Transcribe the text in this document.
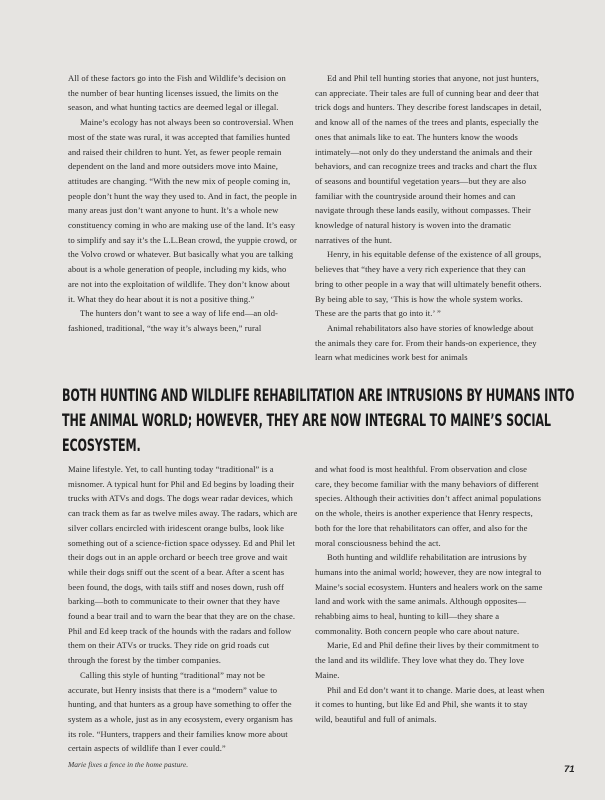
All of these factors go into the Fish and Wildlife’s decision on the number of bear hunting licenses issued, the limits on the season, and what hunting tactics are deemed legal or illegal.

Maine’s ecology has not always been so controversial. When most of the state was rural, it was accepted that families hunted and raised their children to hunt. Yet, as fewer people remain dependent on the land and more outsiders move into Maine, attitudes are changing. “With the new mix of people coming in, people don’t hunt the way they used to. And in fact, the people in many areas just don’t want anyone to hunt. It’s a whole new constituency coming in who are making use of the land. It’s easy to simplify and say it’s the L.L.Bean crowd, the yuppie crowd, or the Volvo crowd or whatever. But basically what you are talking about is a whole generation of people, including my kids, who are not into the exploitation of wildlife. They don’t know about it. What they do hear about it is not a positive thing.”

The hunters don’t want to see a way of life end—an old-fashioned, traditional, “the way it’s always been,” rural

Ed and Phil tell hunting stories that anyone, not just hunters, can appreciate. Their tales are full of cunning bear and deer that trick dogs and hunters. They describe forest landscapes in detail, and know all of the names of the trees and plants, especially the ones that animals like to eat. The hunters know the woods intimately—not only do they understand the animals and their behaviors, and can recognize trees and tracks and chart the flux of seasons and bountiful vegetation years—but they are also familiar with the countryside around their homes and can navigate through these lands easily, without compasses. Their knowledge of natural history is woven into the dramatic narratives of the hunt.

Henry, in his equitable defense of the existence of all groups, believes that “they have a very rich experience that they can bring to other people in a way that will ultimately benefit others. By being able to say, ‘This is how the whole system works. These are the parts that go into it.’ ”

Animal rehabilitators also have stories of knowledge about the animals they care for. From their hands-on experience, they learn what medicines work best for animals

BOTH HUNTING AND WILDLIFE REHABILITATION ARE INTRUSIONS BY HUMANS INTO THE ANIMAL WORLD; HOWEVER, THEY ARE NOW INTEGRAL TO MAINE’S SOCIAL ECOSYSTEM.

Maine lifestyle. Yet, to call hunting today “traditional” is a misnomer. A typical hunt for Phil and Ed begins by loading their trucks with ATVs and dogs. The dogs wear radar devices, which can track them as far as twelve miles away. The radars, which are silver collars encircled with iridescent orange bulbs, look like something out of a science-fiction space odyssey. Ed and Phil let their dogs out in an apple orchard or beech tree grove and wait while their dogs sniff out the scent of a bear. After a scent has been found, the dogs, with tails stiff and noses down, rush off barking—both to communicate to their owner that they have found a bear trail and to warn the bear that they are on the chase. Phil and Ed keep track of the hounds with the radars and follow them on their ATVs or trucks. They ride on grid roads cut through the forest by the timber companies.

Calling this style of hunting “traditional” may not be accurate, but Henry insists that there is a “modern” value to hunting, and that hunters as a group have something to offer the system as a whole, just as in any ecosystem, every organism has its role. “Hunters, trappers and their families know more about certain aspects of wildlife than I ever could.”

and what food is most healthful. From observation and close care, they become familiar with the many behaviors of different species. Although their activities don’t affect animal populations on the whole, theirs is another experience that Henry respects, both for the lore that rehabilitators can offer, and also for the moral consciousness behind the act.

Both hunting and wildlife rehabilitation are intrusions by humans into the animal world; however, they are now integral to Maine’s social ecosystem. Hunters and healers work on the same land and work with the same animals. Although opposites—rehabbing aims to heal, hunting to kill—they share a commonality. Both concern people who care about nature.

Marie, Ed and Phil define their lives by their commitment to the land and its wildlife. They love what they do. They love Maine.

Phil and Ed don’t want it to change. Marie does, at least when it comes to hunting, but like Ed and Phil, she wants it to stay wild, beautiful and full of animals.

Marie fixes a fence in the home pasture.	71
